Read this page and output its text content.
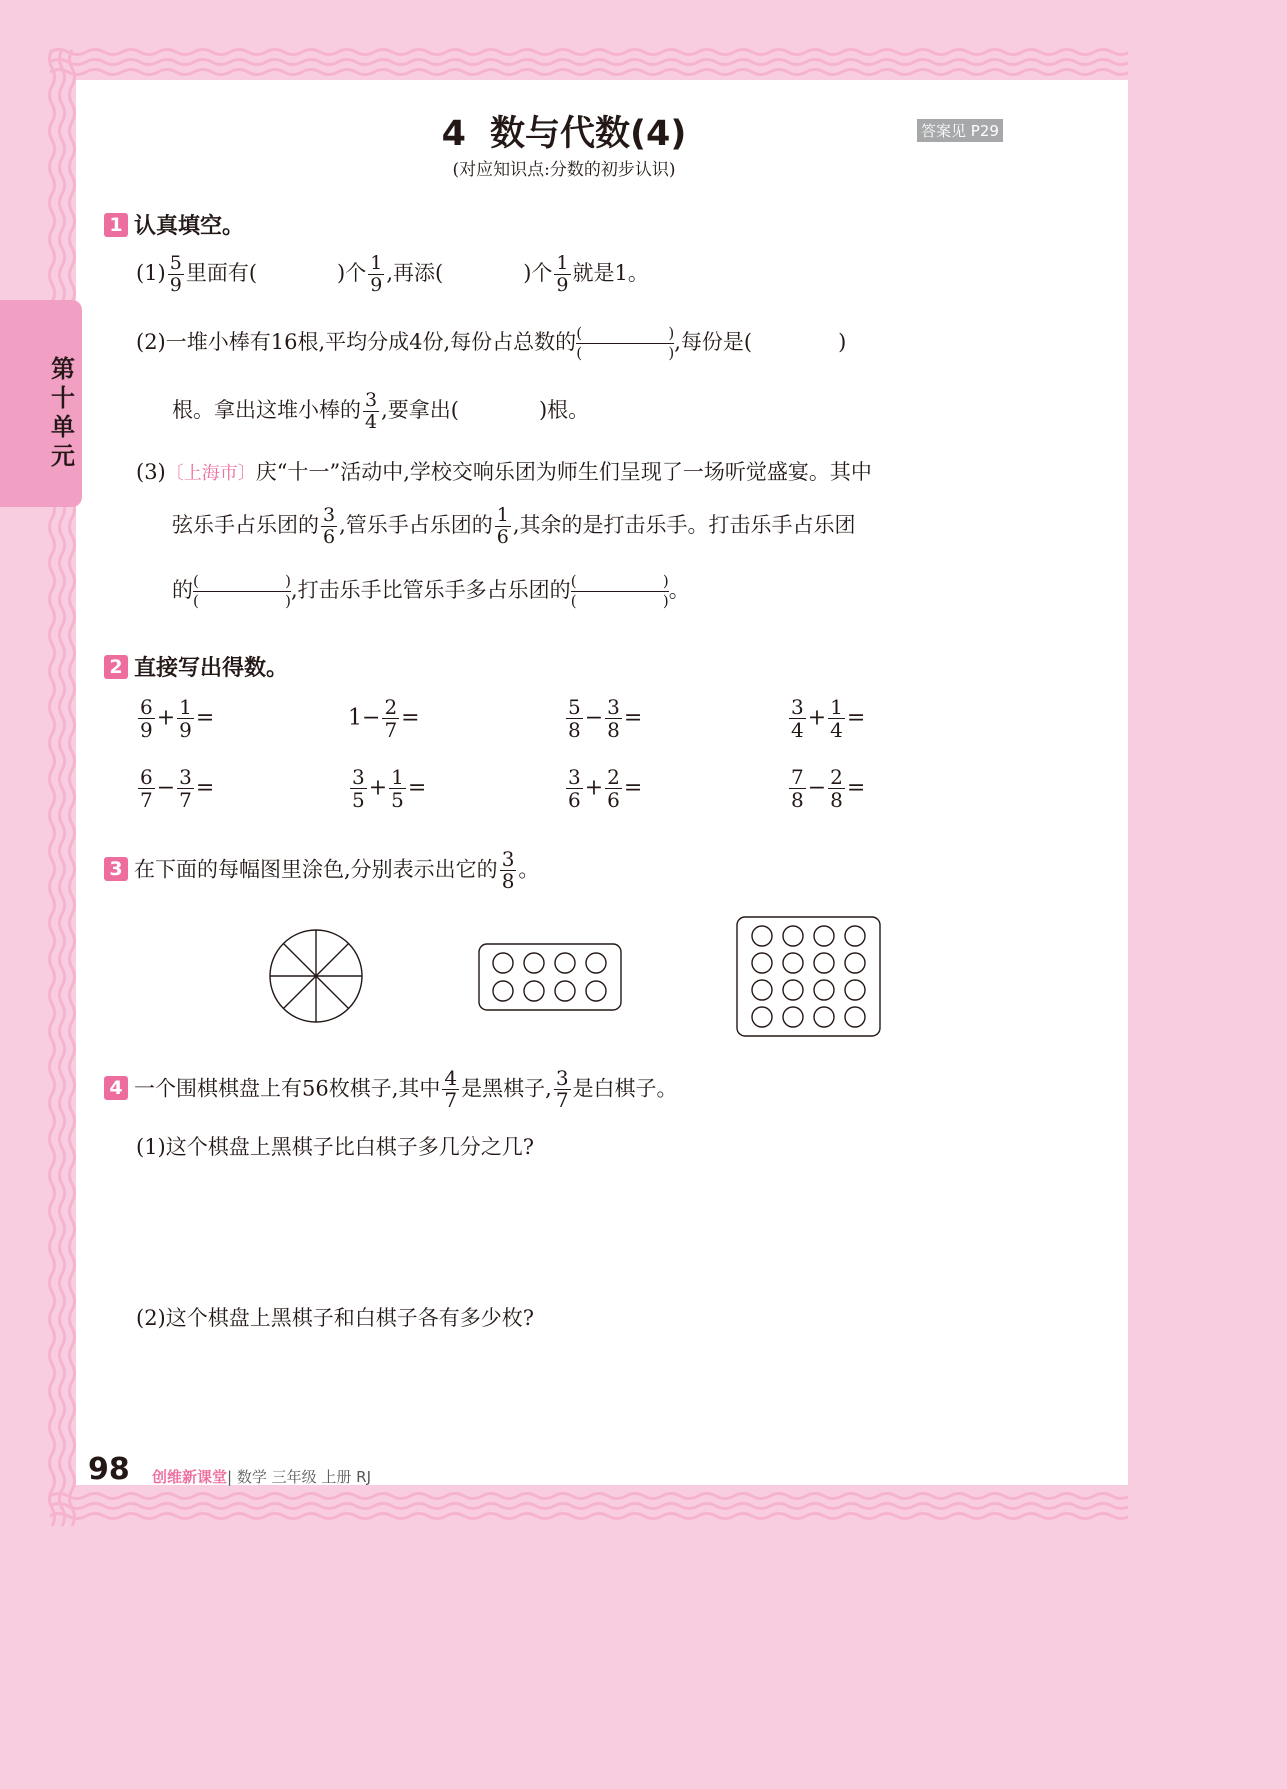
第十单元
4 数与代数(4)	答案见 P29
(对应知识点:分数的初步认识)
1 认真填空。
$(1) \frac{5}{9}$ 里面有(	)个 $\frac{1}{9}$ ,再添(	)个 $\frac{1}{9}$ 就是1。
(2)一堆小棒有16根,平均分成4份,每份占总数的 (	)
(	) ,每份是(	)
根。拿出这堆小棒的 $\frac{3}{4}$ ,要拿出(	)根。
(3)〔上海市〕庆“十一”活动中,学校交响乐团为师生们呈现了一场听觉盛宴。其中
弦乐手占乐团的 $\frac{3}{6}$ ,管乐手占乐团的 $\frac{1}{6}$ ,其余的是打击乐手。打击乐手占乐团
的 (	)
(	) ,打击乐手比管乐手多占乐团的 (	)
(	) 。
2 直接写出得数。
$\frac{6}{9} + \frac{1}{9}$ =	$1- \frac{2}{7}$ =	$\frac{5}{8} - \frac{3}{8}$ =	$\frac{3}{4} + \frac{1}{4}$ =
$\frac{6}{7} - \frac{3}{7}$ =	$\frac{3}{5} + \frac{1}{5}$ =	$\frac{3}{6} + \frac{2}{6}$ =	$\frac{7}{8} - \frac{2}{8}$ =
3 在下面的每幅图里涂色,分别表示出它的 $\frac{3}{8}$ 。
4 一个围棋棋盘上有56枚棋子,其中 $\frac{4}{7}$ 是黑棋子, $\frac{3}{7}$ 是白棋子。
(1)这个棋盘上黑棋子比白棋子多几分之几?
(2)这个棋盘上黑棋子和白棋子各有多少枚?
98 创维新课堂| 数学 三年级 上册 RJ
